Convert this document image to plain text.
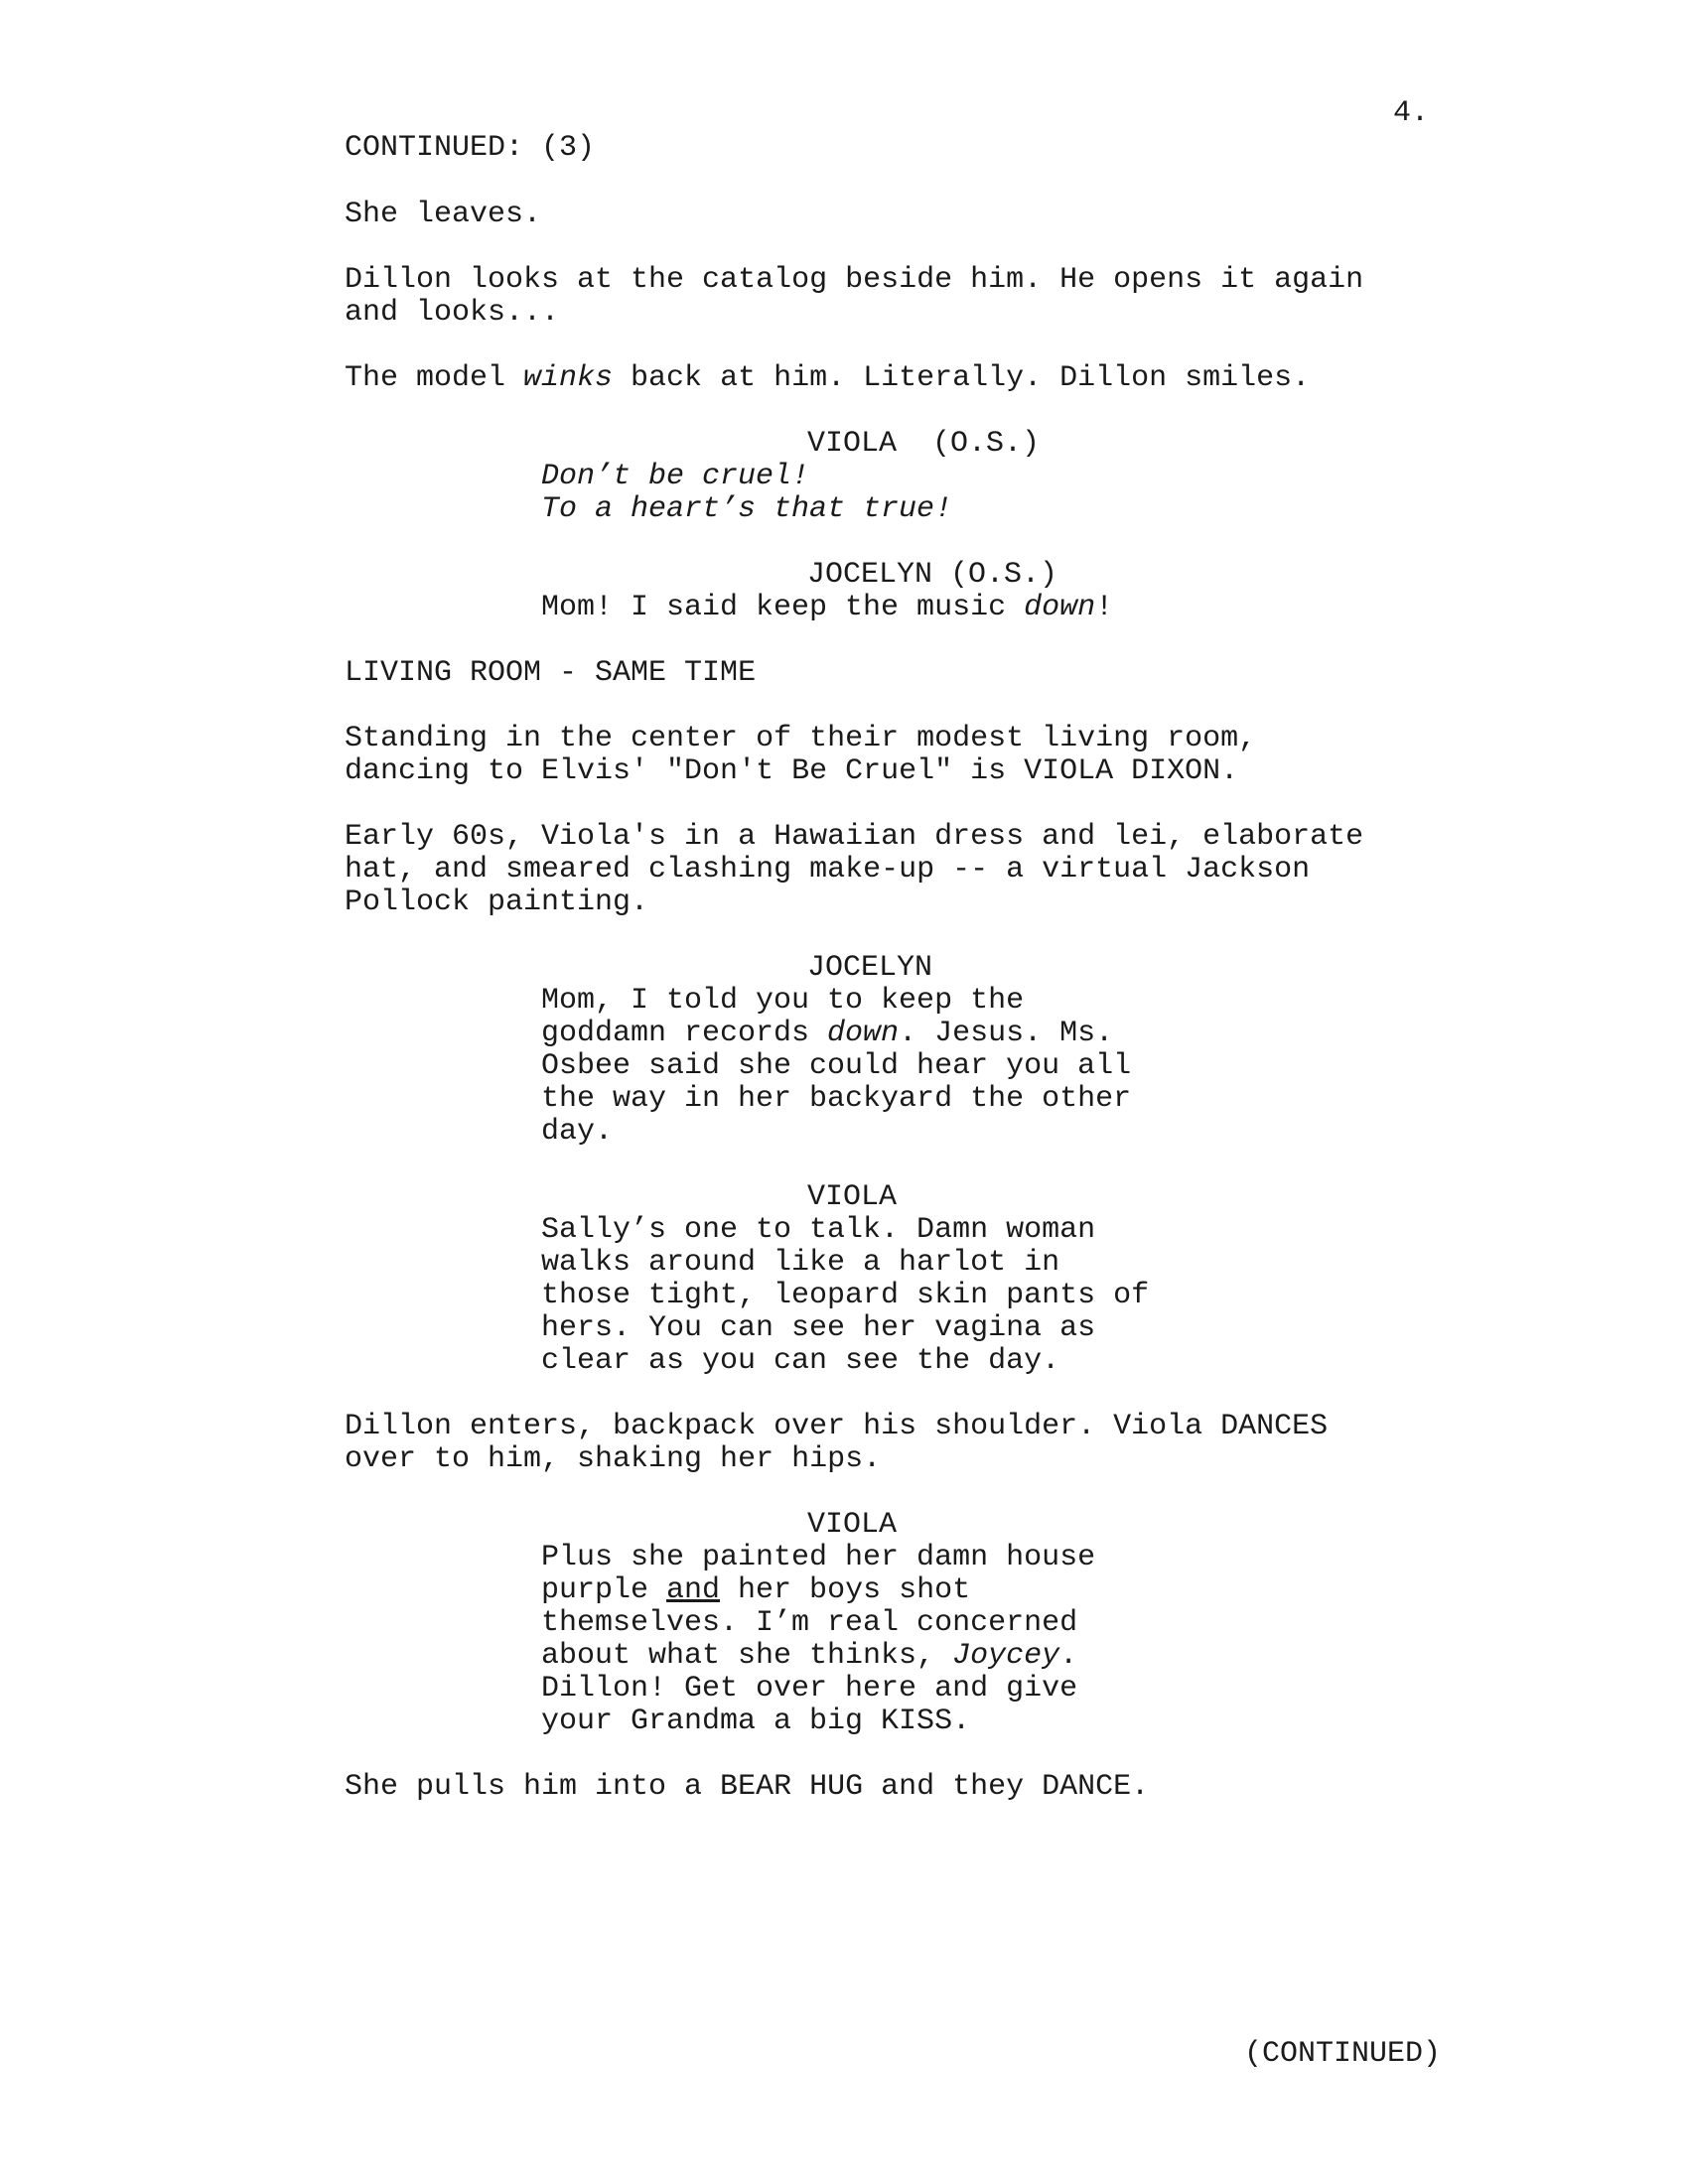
4.
CONTINUED: (3)

She leaves.

Dillon looks at the catalog beside him. He opens it again
and looks...

The model winks back at him. Literally. Dillon smiles.

VIOLA  (O.S.)
Don’t be cruel!
To a heart’s that true!
JOCELYN (O.S.)
Mom! I said keep the music down!

LIVING ROOM - SAME TIME

Standing in the center of their modest living room,
dancing to Elvis' "Don't Be Cruel" is VIOLA DIXON.

Early 60s, Viola's in a Hawaiian dress and lei, elaborate
hat, and smeared clashing make-up -- a virtual Jackson
Pollock painting.

JOCELYN
Mom, I told you to keep the
goddamn records down. Jesus. Ms.
Osbee said she could hear you all
the way in her backyard the other
day.
VIOLA
Sally’s one to talk. Damn woman
walks around like a harlot in
those tight, leopard skin pants of
hers. You can see her vagina as
clear as you can see the day.

Dillon enters, backpack over his shoulder. Viola DANCES
over to him, shaking her hips.

VIOLA
Plus she painted her damn house
purple and her boys shot
themselves. I’m real concerned
about what she thinks, Joycey.
Dillon! Get over here and give
your Grandma a big KISS.

She pulls him into a BEAR HUG and they DANCE.

(CONTINUED)
